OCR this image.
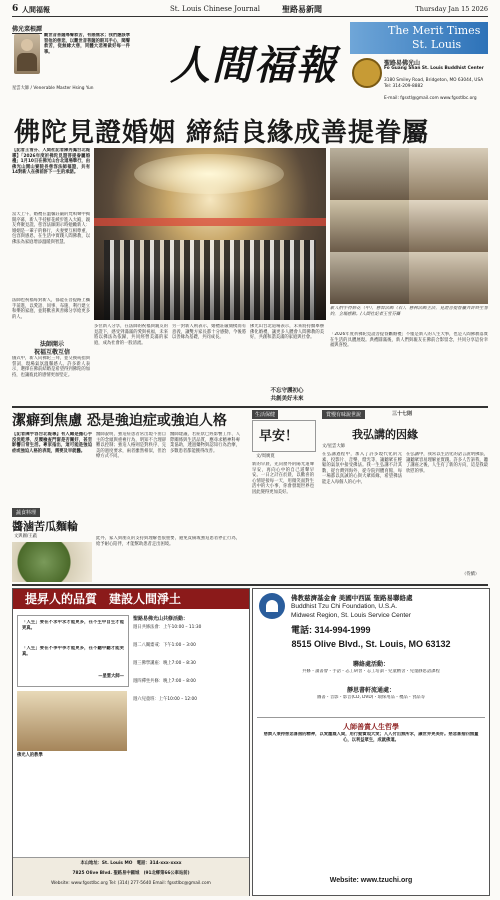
6 人間福報	St. Louis Chinese Journal	聖路易新聞	Thursday Jan 15 2026
佛光菜根譚
觀世音菩薩尋聲救苦，有感無求；我們應該學習他的慈悲，以觀世音菩薩的眼耳手心，聞聲救苦，從無緣大慈，同體大悲裡做好每一件事。
星雲大師 / Venerable Master Hsing Yun	人間福報
The Merit Times
St. Louis
聖路易佛光山
Fo Guang Shan St. Louis Buddhist Center
3180 Smiley Road, Bridgeton, MO 63044, USA
Tel: 314-209-8882
E-mail: fgsstl@gmail.com www.fgsstlbc.org
佛陀見證婚姻 締結良緣成善提眷屬
【記者王雪芬、人間社記者陳秀鳳台北報導】「2026年度祈佛陀見證菩提眷屬婚禮」1月10日在佛光山台北道場舉行，由佛光山開山寮院長慈容法師福證，共有14對新人在佛前許下一生的承諾。
當天上午，婚禮在溫馨莊嚴的梵唄聲中揭開序幕，新人手持鮮花緩步進入大殿，親友齊聚見證。慈容法師開示時勉勵新人：婚姻是一輩子的修行，夫妻要互相尊重、包容與感恩，在生活中實踐人間佛教，以佛法為家庭增添溫暖與智慧。
法師也祝福每對新人，都能在菩提路上攜手前進，以愛語、同事、布施、利行建立和樂的家庭，並將歡喜與善緣分享給更多的人。
法師開示
祝福互敬互信
儀式中，新人向佛陀三拜，並交換戒指與誓詞，現場氣氛溫馨感人。許多新人表示，選擇在佛前結婚是希望得到佛陀的加持，也讓彼此的感情更加堅定。
新人們手持鮮花（中），慈容法師（右）、慈林法師主法，見證菩提眷屬共許終生誓約，全場感動。/人間社記者王雪芬攝
多位新人分享，在法師的祝福與親友的見證下，感受到滿滿的愛與祝福，未來將以佛法為依歸，共同經營美滿的家庭，成為社會的一股清流。
另一對新人則表示，婚禮莊嚴簡樸而有意義，讓雙方家長都十分感動，今後將以善緣為基礎，共同成長。
佛光山台北道場表示，未來將持續舉辦佛化婚禮，讓更多人體會人間佛教的美好，共創和諧美滿的家庭與社會。
不忘守護初心
共創美好未來
「2026年度祈佛陀見證菩提眷屬婚禮」不僅是新人的人生大事，也是人間佛教落實在生活的具體展現。典禮圓滿後，新人們與親友在佛前合影留念，共同分享這份幸福與喜悅。
潔癖到焦慮 恐是強迫症或強迫人格
【記者陳宇容台北報導】有人總是擔心手沒洗乾淨、反覆檢查門窗是否關好，甚至影響日常生活。專家指出，這可能是強迫症或強迫人格的表現，需要及早就醫。
醫師說明，強迫症患者常出現不由自主的念頭與重複行為，明知不合理卻難以控制；強迫人格則是對秩序、完美的過度要求，兩者雖然相似，但治療方式不同。
醫師建議，若症狀已經影響工作、人際關係與生活品質，應尋求精神科專業協助，透過藥物與認知行為治療，多數患者都能獲得改善。
此外，家人與朋友的支持與理解也很重要，避免責備或強迫患者停止行為，給予耐心陪伴，才能幫助患者走出困境。
蔬食料理
醬滷苦瓜麵輪
文與圖/王蔬
生活保健
早安！
文/周廣寬
新的早晨，先向窗外的陽光道聲早安，再向心中的自己道聲早安。一日之計在於晨，以歡喜的心情迎接每一天，用微笑面對生活中的大小事，你會發現世界也因此變得更加美好。
賞慢有味說世說	三十七則
我弘講的因緣
文/星雲大師
在弘講過程中，加入了許多現代化的元素，投影片、音樂、燈光等，讓聽眾在輕鬆的氣氛中接受佛法。我一生弘講不計其數，從台灣到海外，從寺院到體育館，每一場都以真誠的心與大眾結緣，希望佛法能走入每個人的心中。
在弘講中，我常以生活化的語言說明佛法，讓聽眾容易理解並實踐。許多人告訴我，聽了講座之後，人生有了新的方向，這是我最欣慰的事。
（待續）
提昇人的品質　建設人間淨土
「人生」要在不求中求才能更多，在不生中自生才能更真。
「人生」要在不爭中爭才能更多，在不聽中聽才能更真。
—星雲大師—
聖路易佛光山共修活動：
週日共修法會：上午10:00 – 11:30
週二八關齋戒：下午1:00 – 3:00
週三佛學講座：晚上7:00 – 8:30
週四禪坐共修：晚上7:00 – 8:00
週六兒童班：上午10:00 – 12:00
佛光人的教學
本山地址：St. Louis MO　電話：314-xxx-xxxx
7825 Olive Blvd. 聖路易中國城　(91北鄉第66公車站前)
Website: www.fgsstlbc.org Tel: (314) 277-5640 Email: fgsstlbc@gmail.com
佛教慈濟基金會 美國中西區 聖路易聯絡處
Buddhist Tzu Chi Foundation, U.S.A.
Midwest Region, St. Louis Service Center
電話: 314-994-1999
8515 Olive Blvd., St. Louis, MO 63132
聯絡處活動：
共修・讀書會・手語・志工研習・志工培訓・兒童精舍・兒童靜思語課程
靜思書軒流通處：
圖書・音影・影音(CD, DVD)・環保用品・禮品・食品等
人師善賞人生哲學
慈濟人秉持慈悲喜捨的精神，以愛灌溉人間，用行動實現大愛；人人付出無所求，讓世界更美好。慈悲喜捨四無量心，以利益眾生，成就佛道。
Website: www.tzuchi.org
